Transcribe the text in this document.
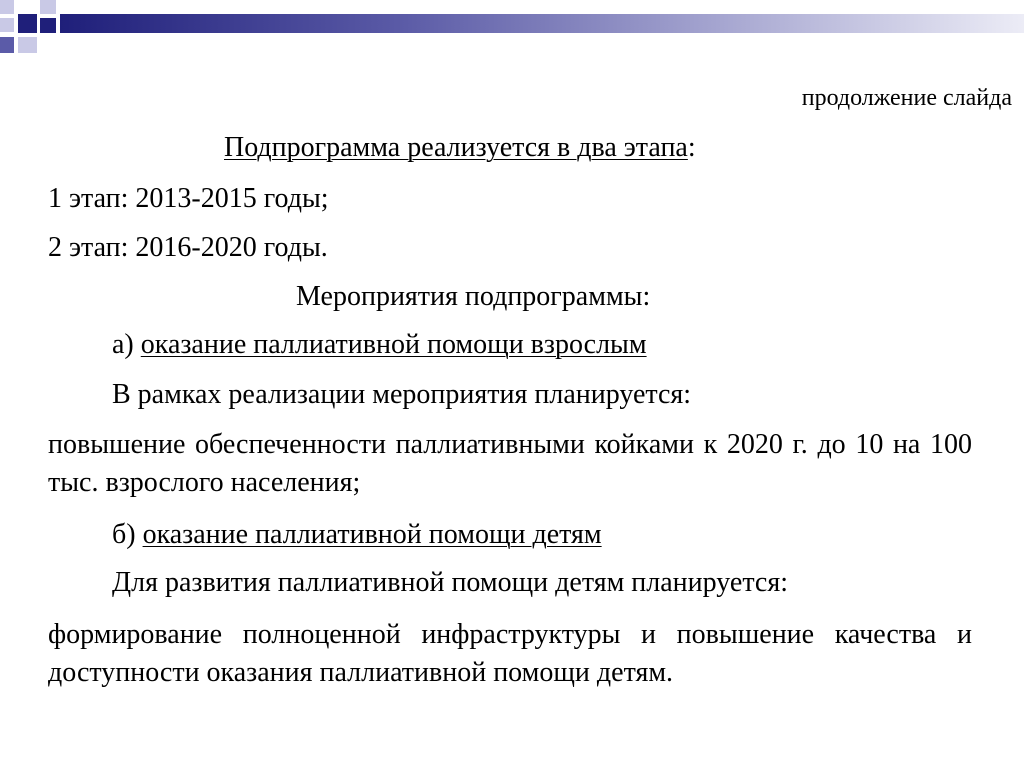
продолжение слайда
Подпрограмма реализуется в два этапа:
1 этап: 2013-2015 годы;
2 этап: 2016-2020 годы.
Мероприятия подпрограммы:
а) оказание паллиативной помощи взрослым
В рамках реализации мероприятия планируется:
повышение обеспеченности паллиативными койками к 2020 г. до 10 на 100 тыс. взрослого населения;
б) оказание паллиативной помощи детям
Для развития паллиативной помощи детям планируется:
формирование полноценной инфраструктуры и повышение качества и доступности оказания паллиативной помощи детям.
